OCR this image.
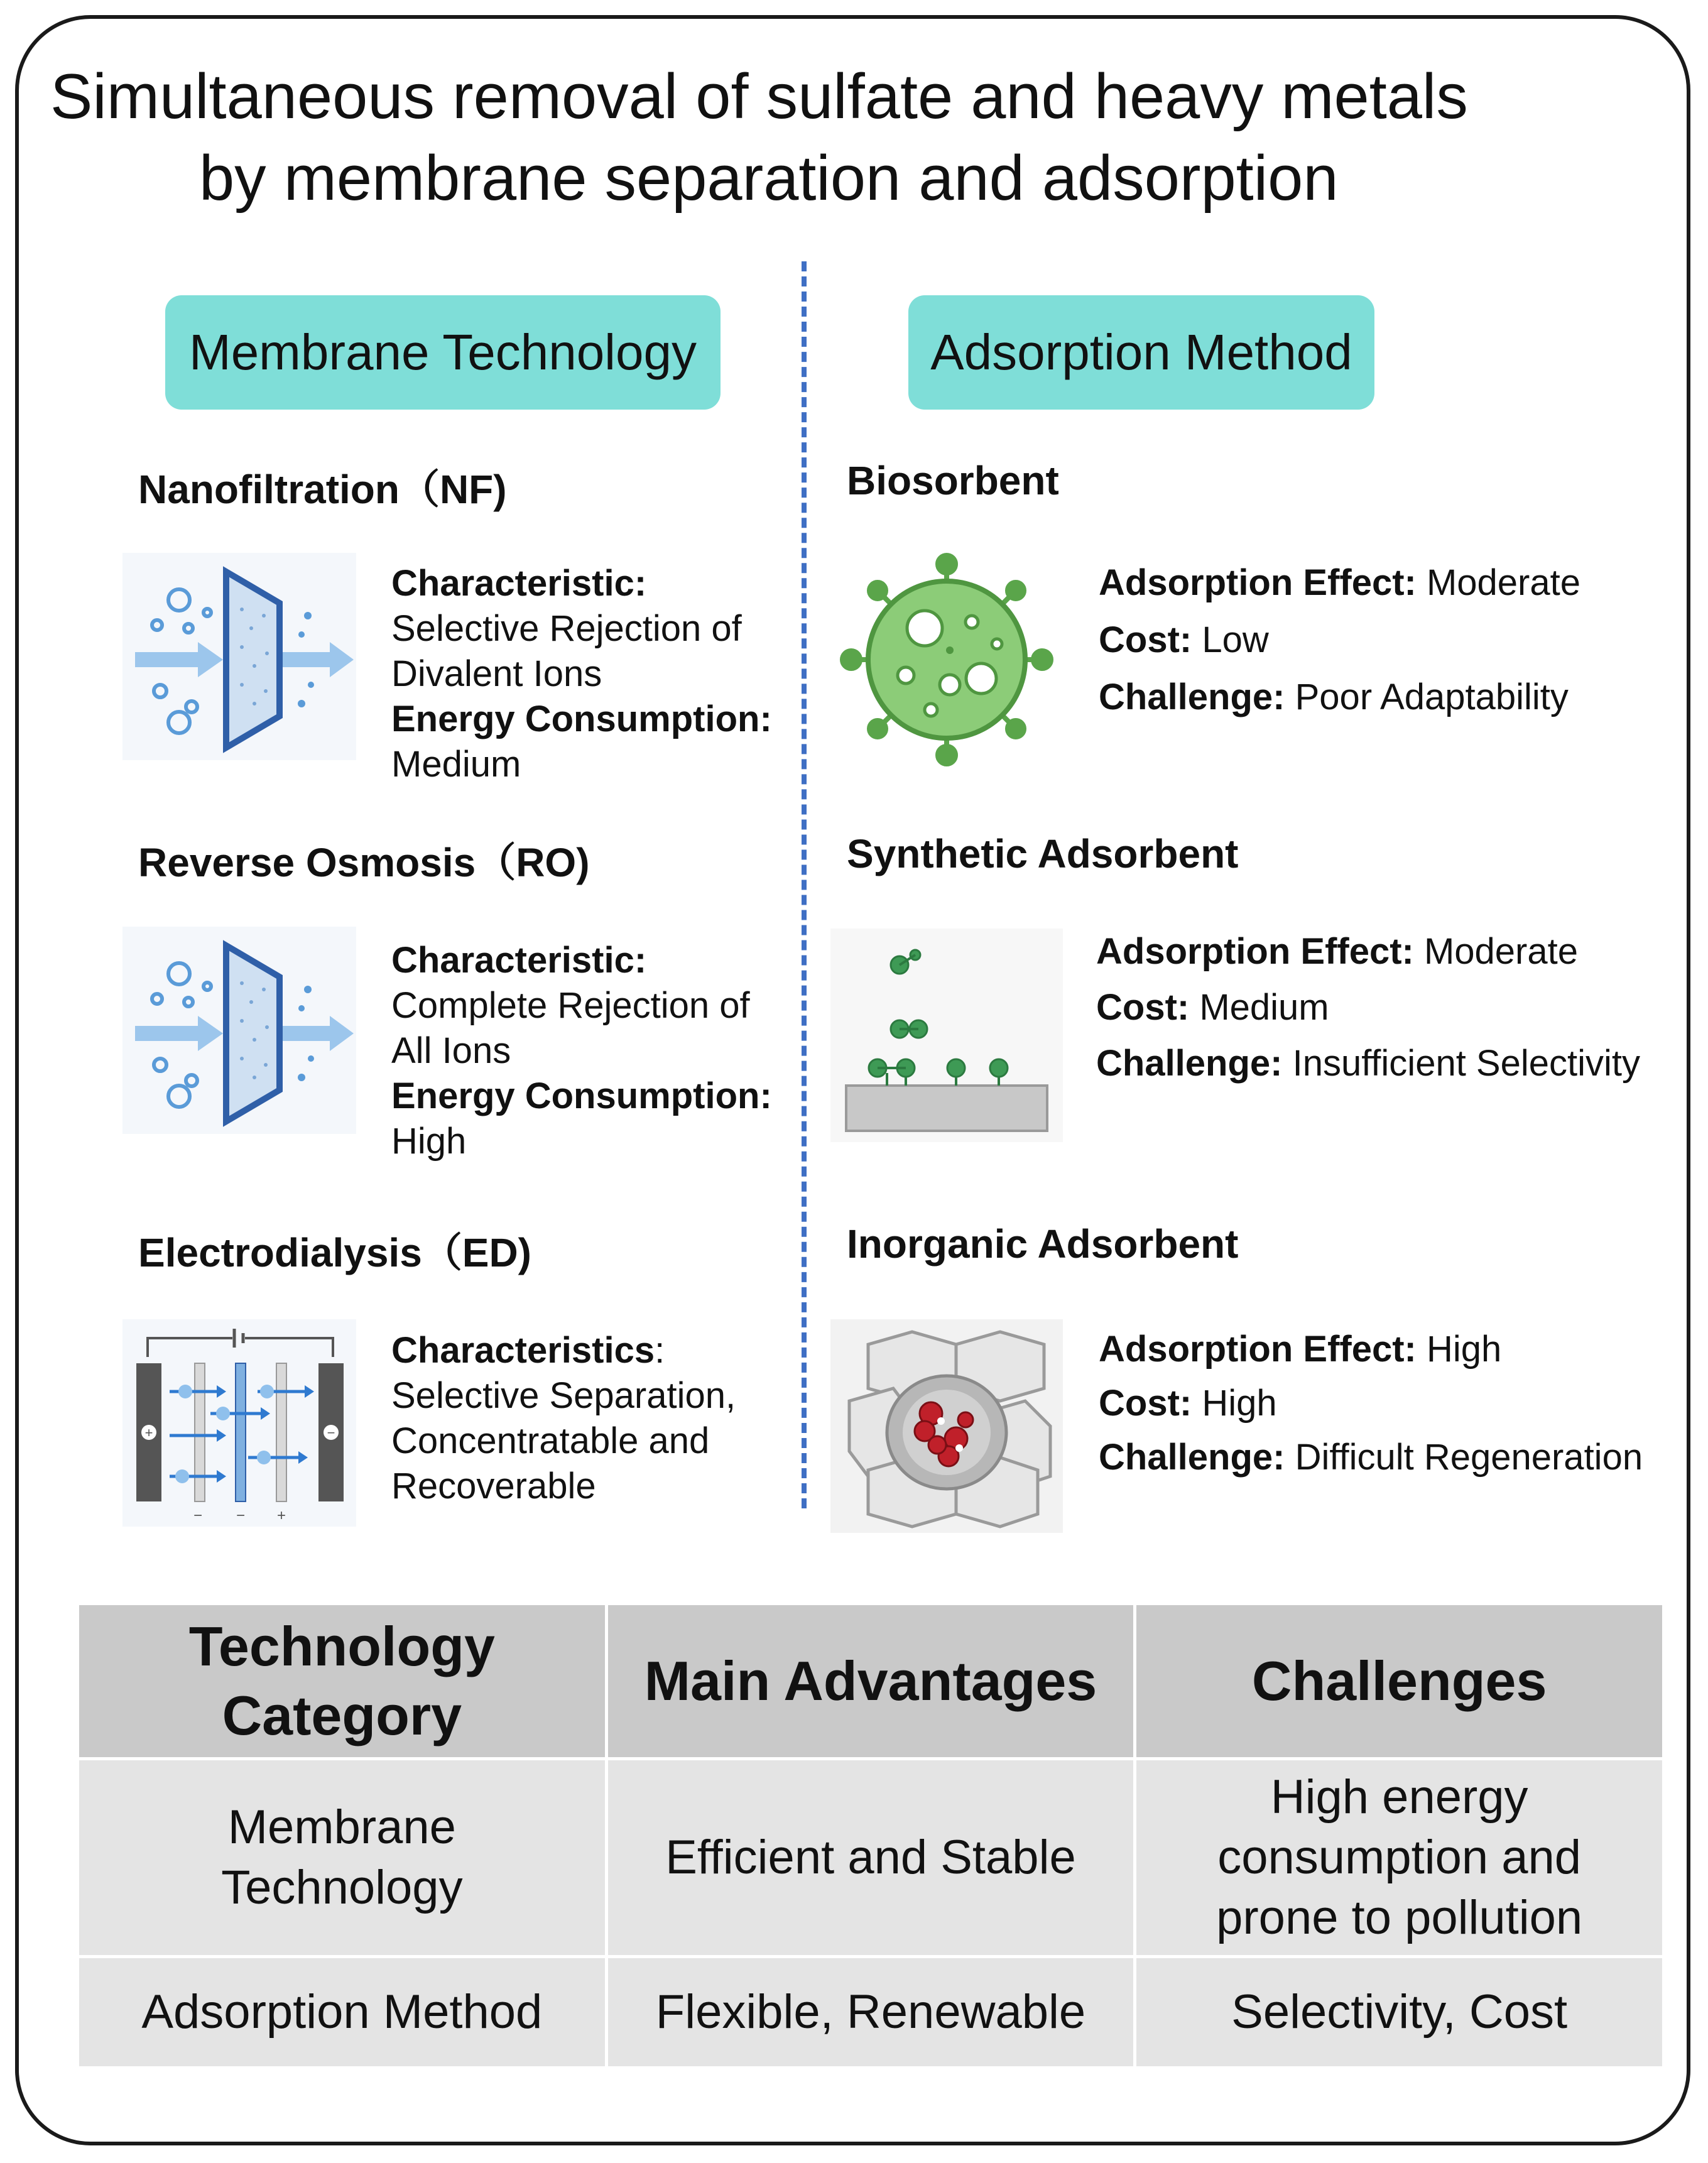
Simultaneous removal of sulfate and heavy metals
by membrane separation and adsorption
Membrane Technology	Adsorption Method
Nanofiltration（NF)
Characteristic:
Selective Rejection of
Divalent Ions
Energy Consumption:
Medium
Reverse Osmosis（RO)
Characteristic:
Complete Rejection of
All Ions
Energy Consumption:
High
Electrodialysis（ED)
+	−
− − +
Characteristics:
Selective Separation,
Concentratable and
Recoverable
Biosorbent
Adsorption Effect: Moderate
Cost: Low
Challenge: Poor Adaptability
Synthetic Adsorbent
Adsorption Effect: Moderate
Cost: Medium
Challenge: Insufficient Selectivity
Inorganic Adsorbent
Adsorption Effect: High
Cost: High
Challenge: Difficult Regeneration
Technology Category	Main Advantages	Challenges
Membrane Technology	Efficient and Stable	High energy consumption and prone to pollution
Adsorption Method	Flexible, Renewable	Selectivity, Cost
